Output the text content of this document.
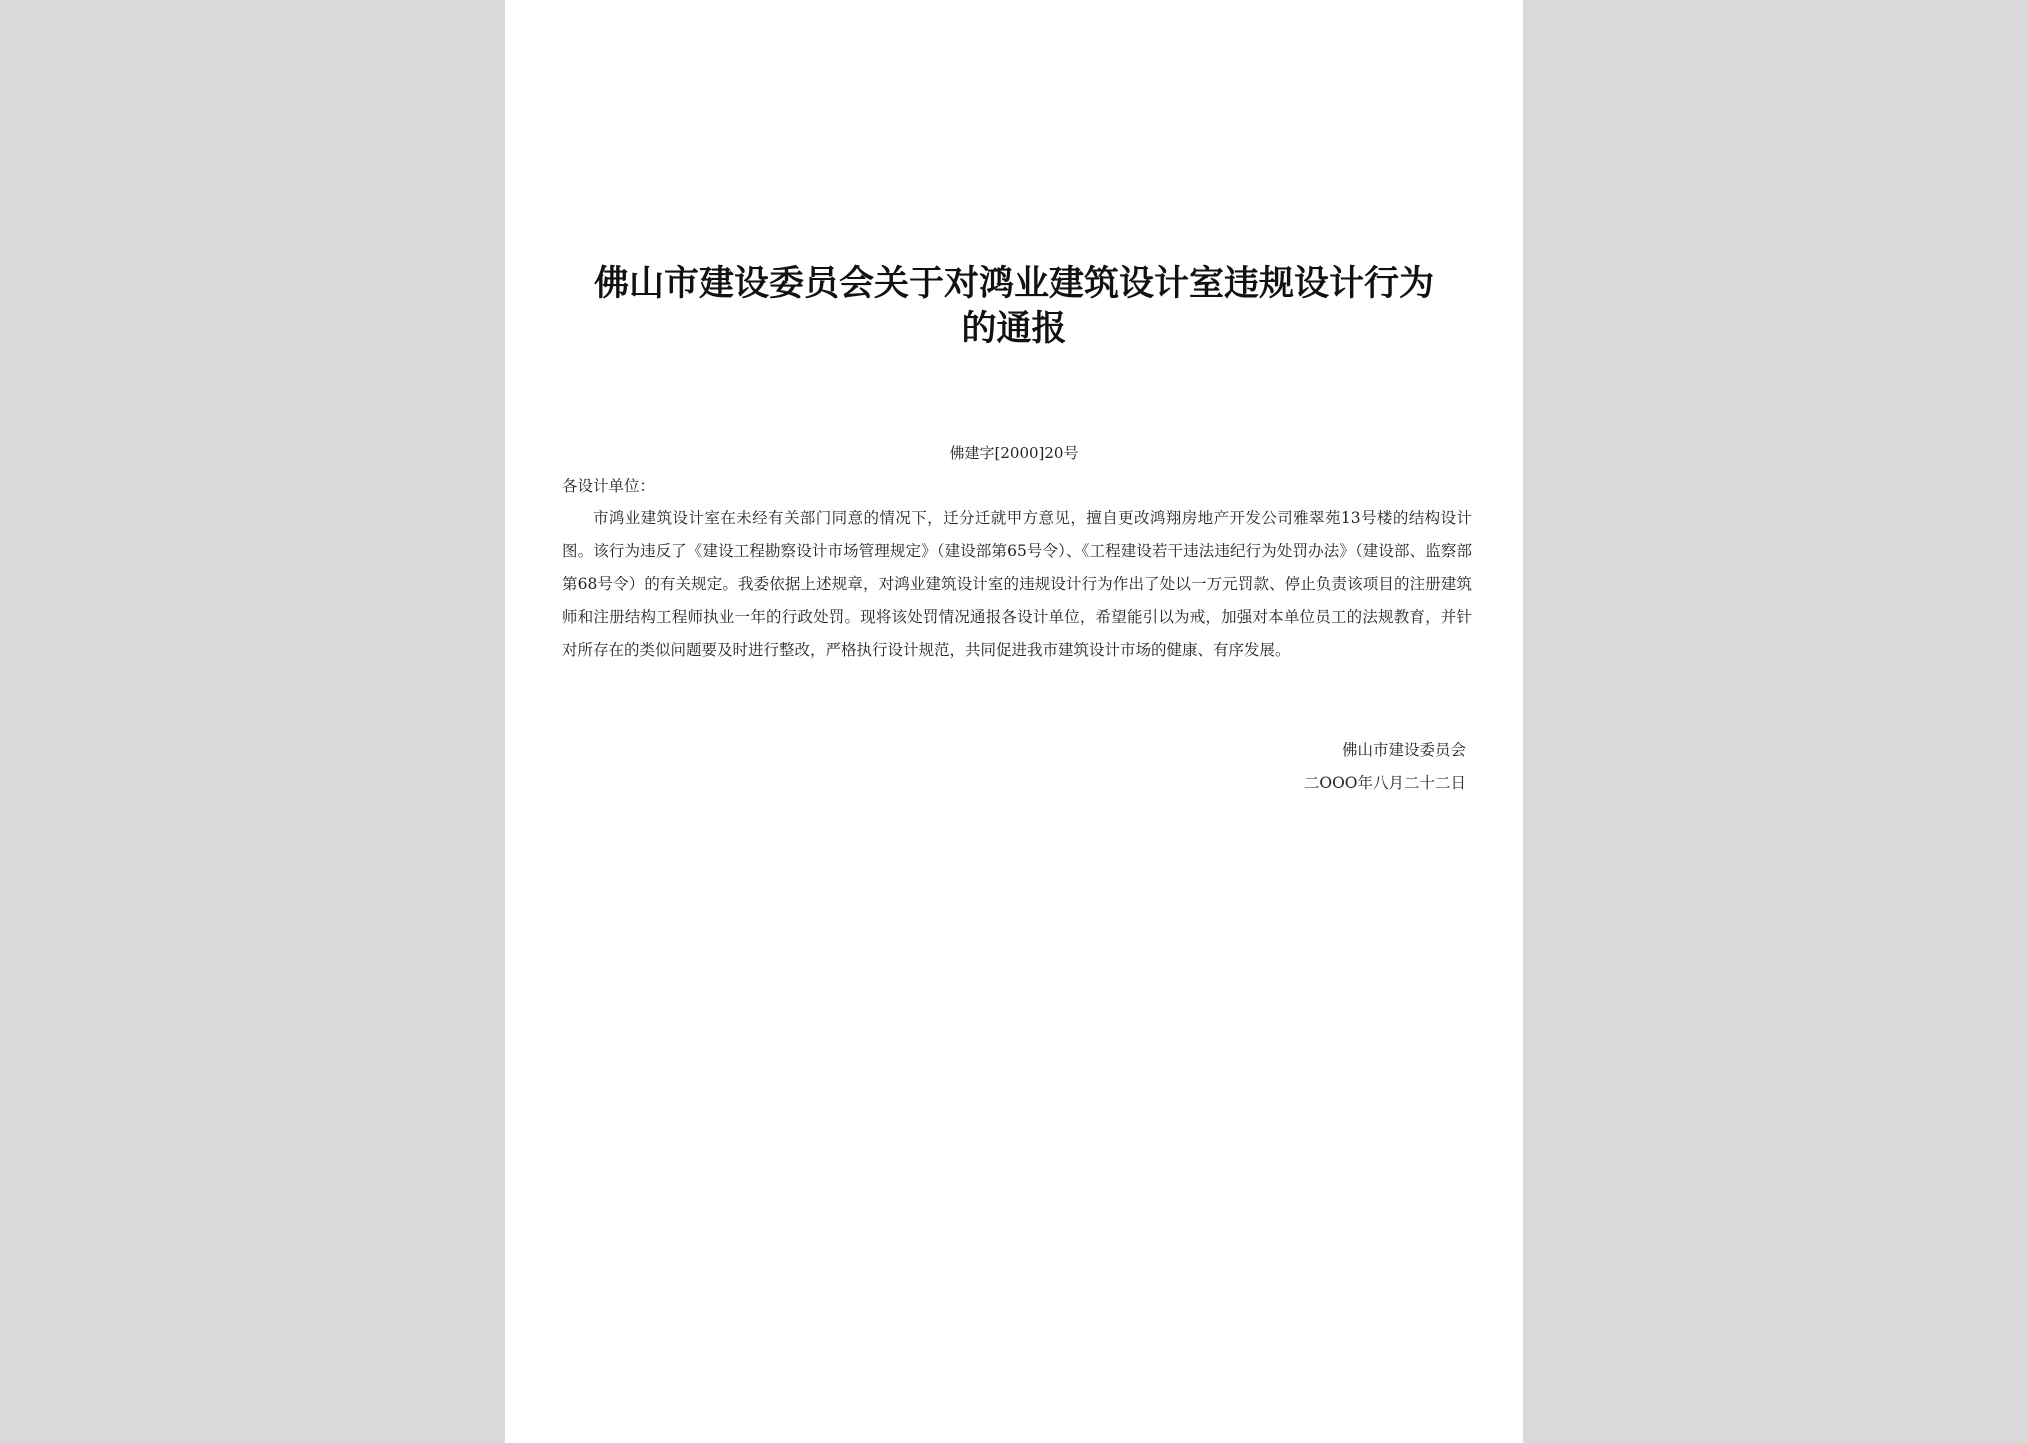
佛山市建设委员会关于对鸿业建筑设计室违规设计行为
的通报
佛建字[2000]20号
各设计单位：
市鸿业建筑设计室在未经有关部门同意的情况下，迁分迁就甲方意见，擅自更改鸿翔房地产开发公司雅翠苑13号楼的结构设计图。该行为违反了《建设工程勘察设计市场管理规定》（建设部第65号令）、《工程建设若干违法违纪行为处罚办法》（建设部、监察部第68号令）的有关规定。我委依据上述规章，对鸿业建筑设计室的违规设计行为作出了处以一万元罚款、停止负责该项目的注册建筑师和注册结构工程师执业一年的行政处罚。现将该处罚情况通报各设计单位，希望能引以为戒，加强对本单位员工的法规教育，并针对所存在的类似问题要及时进行整改，严格执行设计规范，共同促进我市建筑设计市场的健康、有序发展。
佛山市建设委员会
二OOO年八月二十二日
